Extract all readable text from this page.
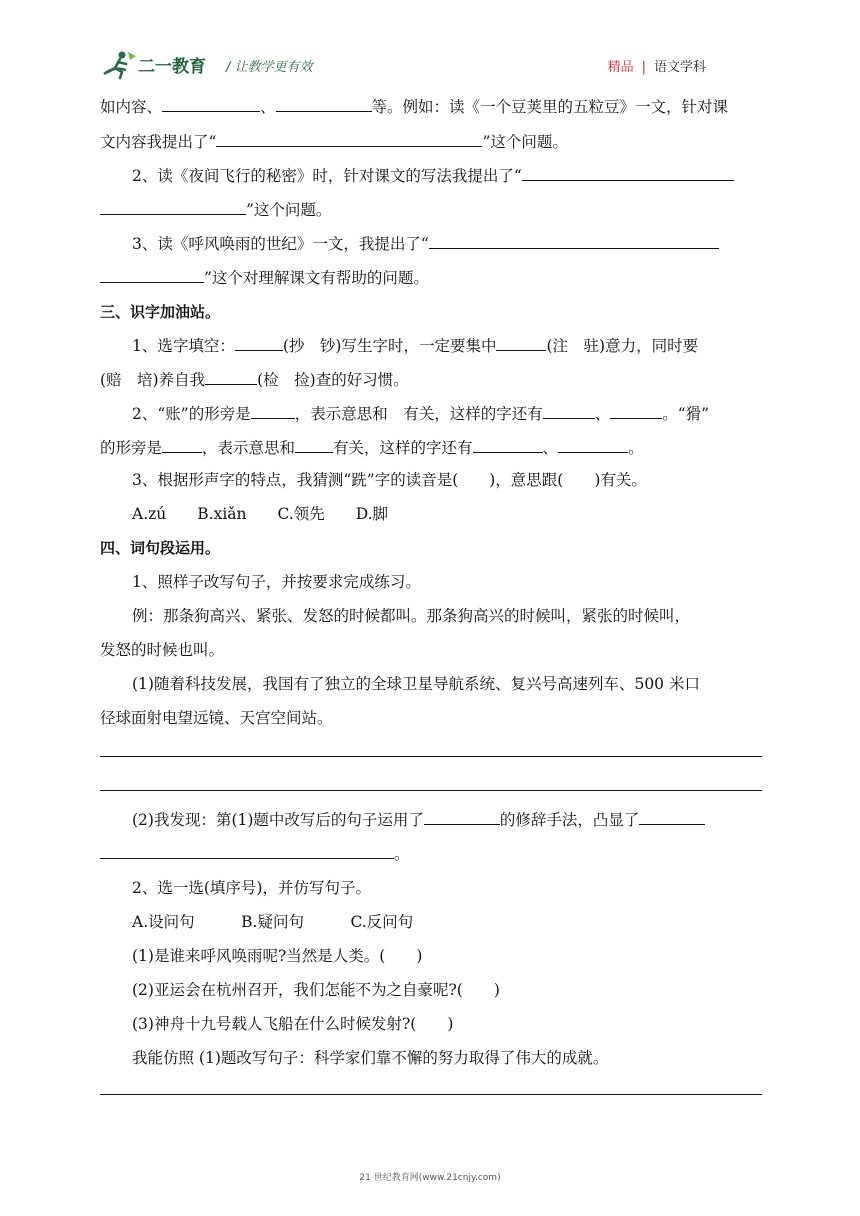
二一教育 / 让教学更有效	精品 | 语文学科
如内容、	、	等。例如：读《一个豆荚里的五粒豆》一文，针对课
文内容我提出了“	”这个问题。
2、读《夜间飞行的秘密》时，针对课文的写法我提出了“
”这个问题。
3、读《呼风唤雨的世纪》一文，我提出了“
”这个对理解课文有帮助的问题。
三、识字加油站。
1、选字填空：	(抄　钞)写生字时，一定要集中	(注　驻)意力，同时要
(赔　培)养自我	(检　捡)查的好习惯。
2、“账”的形旁是	，表示意思和　有关，这样的字还有	、	。“猾”
的形旁是	，表示意思和 有关，这样的字还有	、	。
3、根据形声字的特点，我猜测“跣”字的读音是(　　)，意思跟(　　)有关。
A.zú　　B.xiǎn　　C.领先　　D.脚
四、词句段运用。
1、照样子改写句子，并按要求完成练习。
例：那条狗高兴、紧张、发怒的时候都叫。那条狗高兴的时候叫，紧张的时候叫，
发怒的时候也叫。
(1)随着科技发展，我国有了独立的全球卫星导航系统、复兴号高速列车、500 米口
径球面射电望远镜、天宫空间站。
(2)我发现：第(1)题中改写后的句子运用了	的修辞手法，凸显了
。
2、选一选(填序号)，并仿写句子。
A.设问句　　　B.疑问句　　　C.反问句
(1)是谁来呼风唤雨呢?当然是人类。(　　)
(2)亚运会在杭州召开，我们怎能不为之自豪呢?(　　)
(3)神舟十九号载人飞船在什么时候发射?(　　)
我能仿照 (1)题改写句子：科学家们靠不懈的努力取得了伟大的成就。
21 世纪教育网(www.21cnjy.com)
